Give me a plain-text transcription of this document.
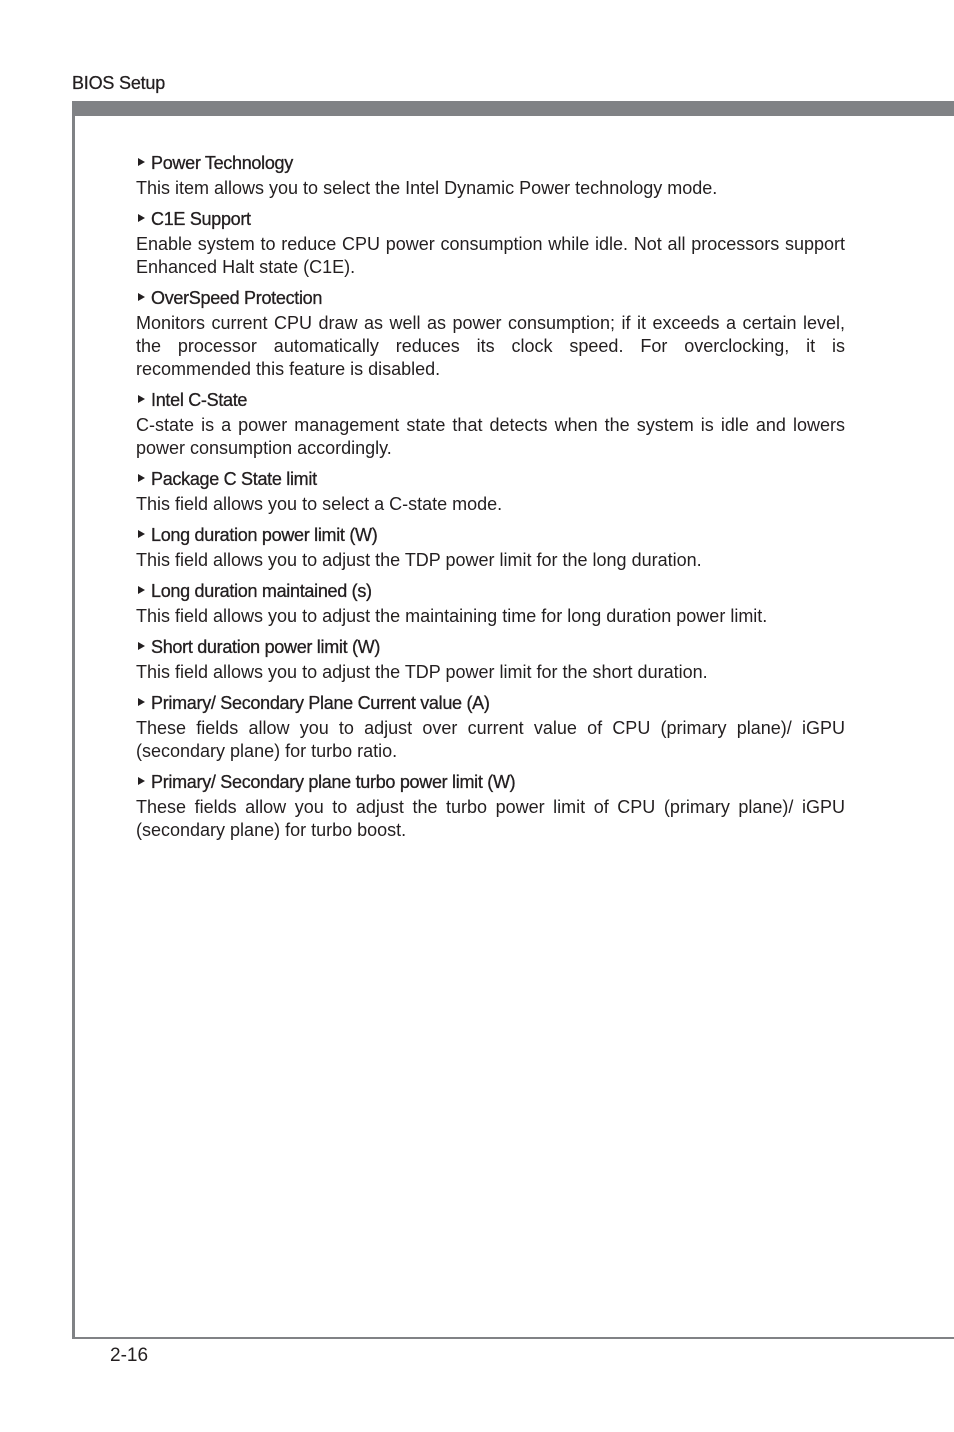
BIOS Setup
Power Technology
This item allows you to select the Intel Dynamic Power technology mode.
C1E Support
Enable system to reduce CPU power consumption while idle. Not all processors support Enhanced Halt state (C1E).
OverSpeed Protection
Monitors current CPU draw as well as power consumption; if it exceeds a certain level, the processor automatically reduces its clock speed. For overclocking, it is recommended this feature is disabled.
Intel C-State
C-state is a power management state that detects when the system is idle and lowers power consumption accordingly.
Package C State limit
This field allows you to select a C-state mode.
Long duration power limit (W)
This field allows you to adjust the TDP power limit for the long duration.
Long duration maintained (s)
This field allows you to adjust the maintaining time for long duration power limit.
Short duration power limit (W)
This field allows you to adjust the TDP power limit for the short duration.
Primary/ Secondary Plane Current value (A)
These fields allow you to adjust over current value of CPU (primary plane)/ iGPU (secondary plane) for turbo ratio.
Primary/ Secondary plane turbo power limit (W)
These fields allow you to adjust the turbo power limit of CPU (primary plane)/ iGPU (secondary plane) for turbo boost.
2-16
